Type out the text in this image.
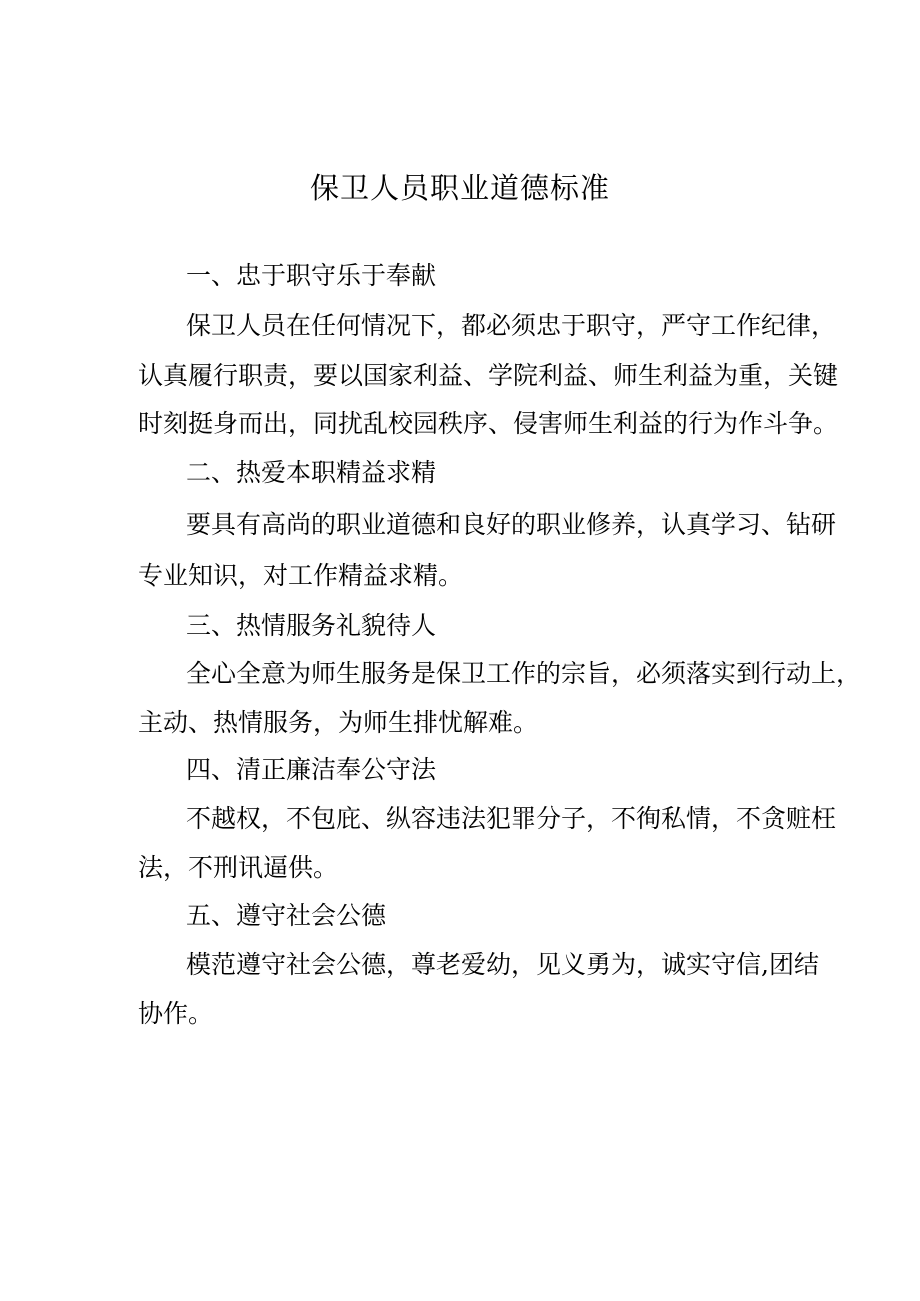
保卫人员职业道德标准
一、忠于职守乐于奉献
保卫人员在任何情况下，都必须忠于职守，严守工作纪律，
认真履行职责，要以国家利益、学院利益、师生利益为重，关键
时刻挺身而出，同扰乱校园秩序、侵害师生利益的行为作斗争。
二、热爱本职精益求精
要具有高尚的职业道德和良好的职业修养，认真学习、钻研
专业知识，对工作精益求精。
三、热情服务礼貌待人
全心全意为师生服务是保卫工作的宗旨，必须落实到行动上，
主动、热情服务，为师生排忧解难。
四、清正廉洁奉公守法
不越权，不包庇、纵容违法犯罪分子，不徇私情，不贪赃枉
法，不刑讯逼供。
五、遵守社会公德
模范遵守社会公德，尊老爱幼，见义勇为，诚实守信,团结
协作。
